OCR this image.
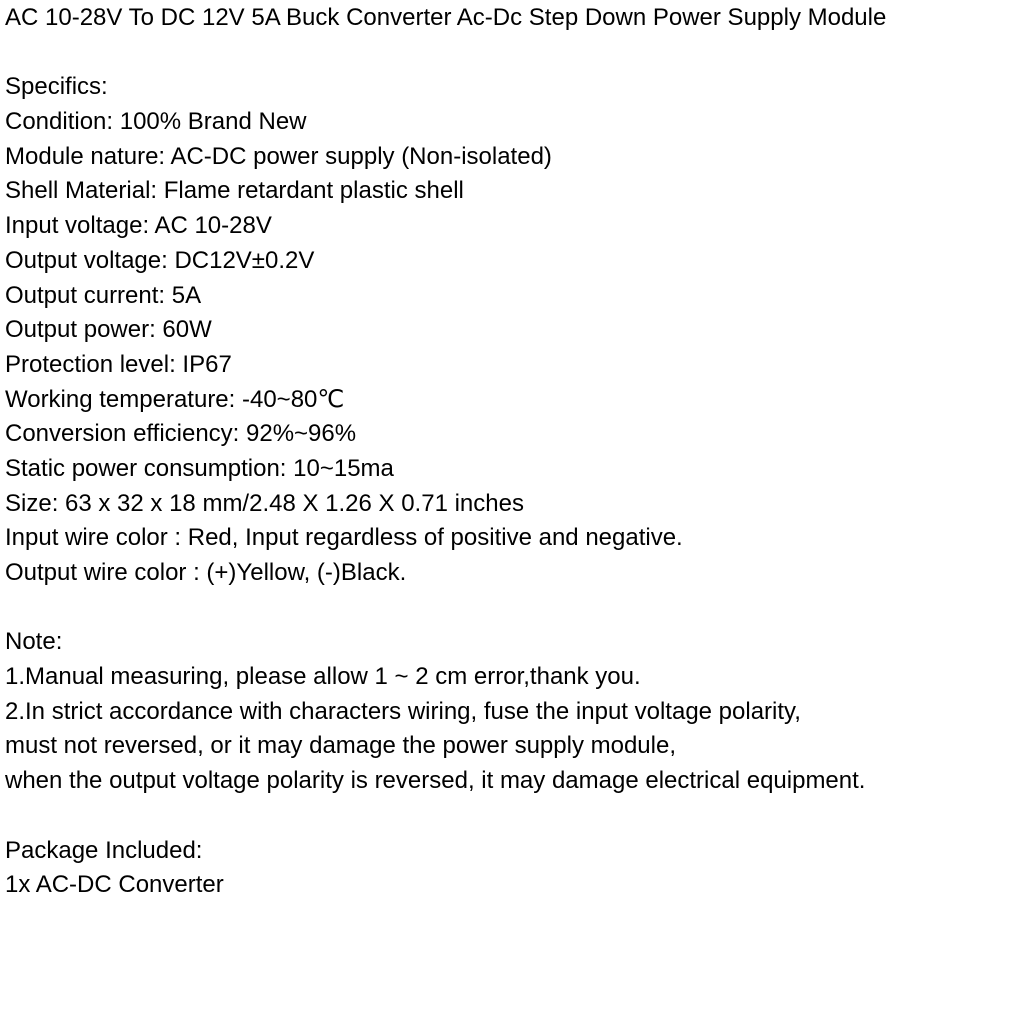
AC 10-28V To DC 12V 5A Buck Converter Ac-Dc Step Down Power Supply Module
Specifics:
Condition: 100% Brand New
Module nature: AC-DC power supply (Non-isolated)
Shell Material: Flame retardant plastic shell
Input voltage: AC 10-28V
Output voltage: DC12V±0.2V
Output current: 5A
Output power: 60W
Protection level: IP67
Working temperature: -40~80℃
Conversion efficiency: 92%~96%
Static power consumption: 10~15ma
Size: 63 x 32 x 18 mm/2.48 X 1.26 X 0.71 inches
Input wire color : Red, Input regardless of positive and negative.
Output wire color : (+)Yellow, (-)Black.
Note:
1.Manual measuring, please allow 1 ~ 2 cm error,thank you.
2.In strict accordance with characters wiring, fuse the input voltage polarity,
must not reversed, or it may damage the power supply module,
when the output voltage polarity is reversed, it may damage electrical equipment.
Package Included:
1x AC-DC Converter
